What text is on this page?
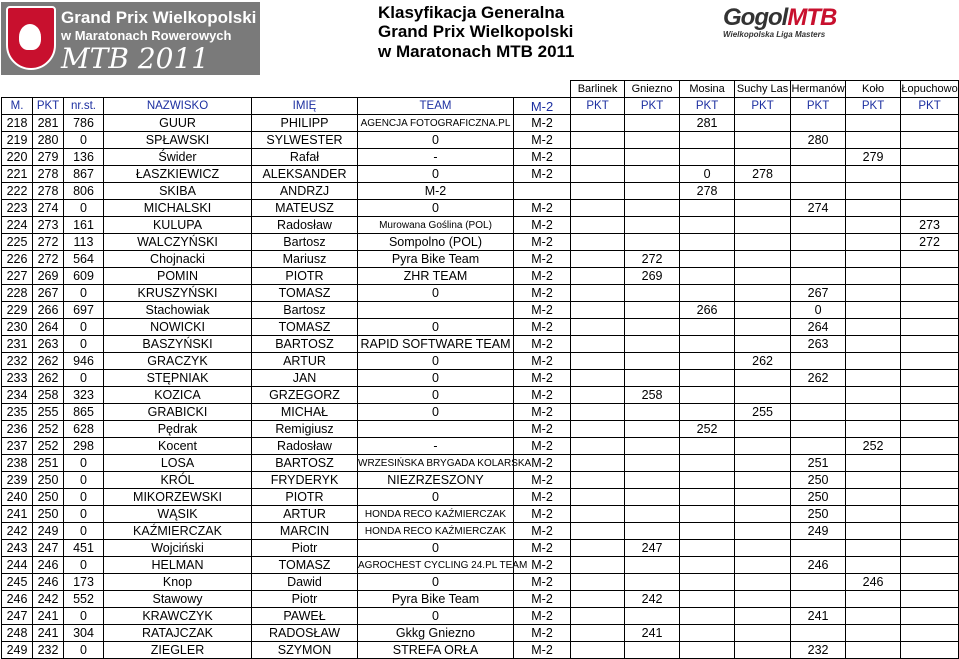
Grand Prix Wielkopolski
w Maratonach Rowerowych
MTB 2011
Klasyfikacja Generalna
Grand Prix Wielkopolski
w Maratonach MTB 2011
GogolMTB
Wielkopolska Liga Masters
							Barlinek	Gniezno	Mosina	Suchy Las	Hermanów	Koło	Łopuchowo
M.	PKT	nr.st.	NAZWISKO	IMIĘ	TEAM	M-2	PKT	PKT	PKT	PKT	PKT	PKT	PKT
218	281	786	GUUR	PHILIPP	AGENCJA FOTOGRAFICZNA.PL	M-2			281				
219	280	0	SPŁAWSKI	SYLWESTER	0	M-2					280		
220	279	136	Świder	Rafał	-	M-2						279	
221	278	867	ŁASZKIEWICZ	ALEKSANDER	0	M-2			0	278			
222	278	806	SKIBA	ANDRZJ	M-2				278				
223	274	0	MICHALSKI	MATEUSZ	0	M-2					274		
224	273	161	KULUPA	Radosław	Murowana Goślina (POL)	M-2							273
225	272	113	WALCZYŃSKI	Bartosz	Sompolno (POL)	M-2							272
226	272	564	Chojnacki	Mariusz	Pyra Bike Team	M-2		272					
227	269	609	POMIN	PIOTR	ZHR TEAM	M-2		269					
228	267	0	KRUSZYŃSKI	TOMASZ	0	M-2					267		
229	266	697	Stachowiak	Bartosz		M-2			266		0		
230	264	0	NOWICKI	TOMASZ	0	M-2					264		
231	263	0	BASZYŃSKI	BARTOSZ	RAPID SOFTWARE TEAM	M-2					263		
232	262	946	GRACZYK	ARTUR	0	M-2				262			
233	262	0	STĘPNIAK	JAN	0	M-2					262		
234	258	323	KOZICA	GRZEGORZ	0	M-2		258					
235	255	865	GRABICKI	MICHAŁ	0	M-2				255			
236	252	628	Pędrak	Remigiusz		M-2			252				
237	252	298	Kocent	Radosław	-	M-2						252	
238	251	0	LOSA	BARTOSZ	WRZESIŃSKA BRYGADA KOLARSKA	M-2					251		
239	250	0	KRÓL	FRYDERYK	NIEZRZESZONY	M-2					250		
240	250	0	MIKORZEWSKI	PIOTR	0	M-2					250		
241	250	0	WĄSIK	ARTUR	HONDA RECO KAŹMIERCZAK	M-2					250		
242	249	0	KAŹMIERCZAK	MARCIN	HONDA RECO KAŹMIERCZAK	M-2					249		
243	247	451	Wojciński	Piotr	0	M-2		247					
244	246	0	HELMAN	TOMASZ	AGROCHEST CYCLING 24.PL TEAM	M-2					246		
245	246	173	Knop	Dawid	0	M-2						246	
246	242	552	Stawowy	Piotr	Pyra Bike Team	M-2		242					
247	241	0	KRAWCZYK	PAWEŁ	0	M-2					241		
248	241	304	RATAJCZAK	RADOSŁAW	Gkkg Gniezno	M-2		241					
249	232	0	ZIEGLER	SZYMON	STREFA ORŁA	M-2					232		
